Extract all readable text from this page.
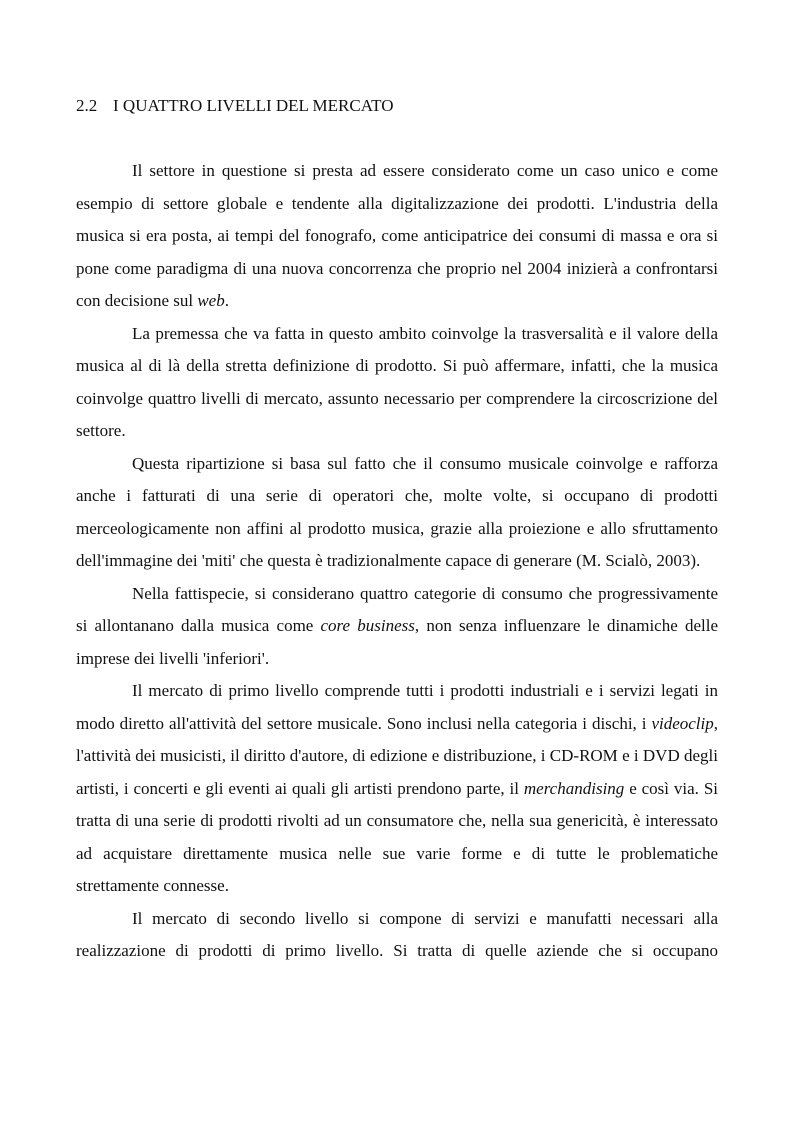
2.2 I QUATTRO LIVELLI DEL MERCATO

Il settore in questione si presta ad essere considerato come un caso unico e come esempio di settore globale e tendente alla digitalizzazione dei prodotti. L'industria della musica si era posta, ai tempi del fonografo, come anticipatrice dei consumi di massa e ora si pone come paradigma di una nuova concorrenza che proprio nel 2004 inizierà a confrontarsi con decisione sul web.

La premessa che va fatta in questo ambito coinvolge la trasversalità e il valore della musica al di là della stretta definizione di prodotto. Si può affermare, infatti, che la musica coinvolge quattro livelli di mercato, assunto necessario per comprendere la circoscrizione del settore.

Questa ripartizione si basa sul fatto che il consumo musicale coinvolge e rafforza anche i fatturati di una serie di operatori che, molte volte, si occupano di prodotti merceologicamente non affini al prodotto musica, grazie alla proiezione e allo sfruttamento dell'immagine dei 'miti' che questa è tradizionalmente capace di generare (M. Scialò, 2003).

Nella fattispecie, si considerano quattro categorie di consumo che progressivamente si allontanano dalla musica come core business, non senza influenzare le dinamiche delle imprese dei livelli 'inferiori'.

Il mercato di primo livello comprende tutti i prodotti industriali e i servizi legati in modo diretto all'attività del settore musicale. Sono inclusi nella categoria i dischi, i videoclip, l'attività dei musicisti, il diritto d'autore, di edizione e distribuzione, i CD-ROM e i DVD degli artisti, i concerti e gli eventi ai quali gli artisti prendono parte, il merchandising e così via. Si tratta di una serie di prodotti rivolti ad un consumatore che, nella sua genericità, è interessato ad acquistare direttamente musica nelle sue varie forme e di tutte le problematiche strettamente connesse.

Il mercato di secondo livello si compone di servizi e manufatti necessari alla realizzazione di prodotti di primo livello. Si tratta di quelle aziende che si occupano
